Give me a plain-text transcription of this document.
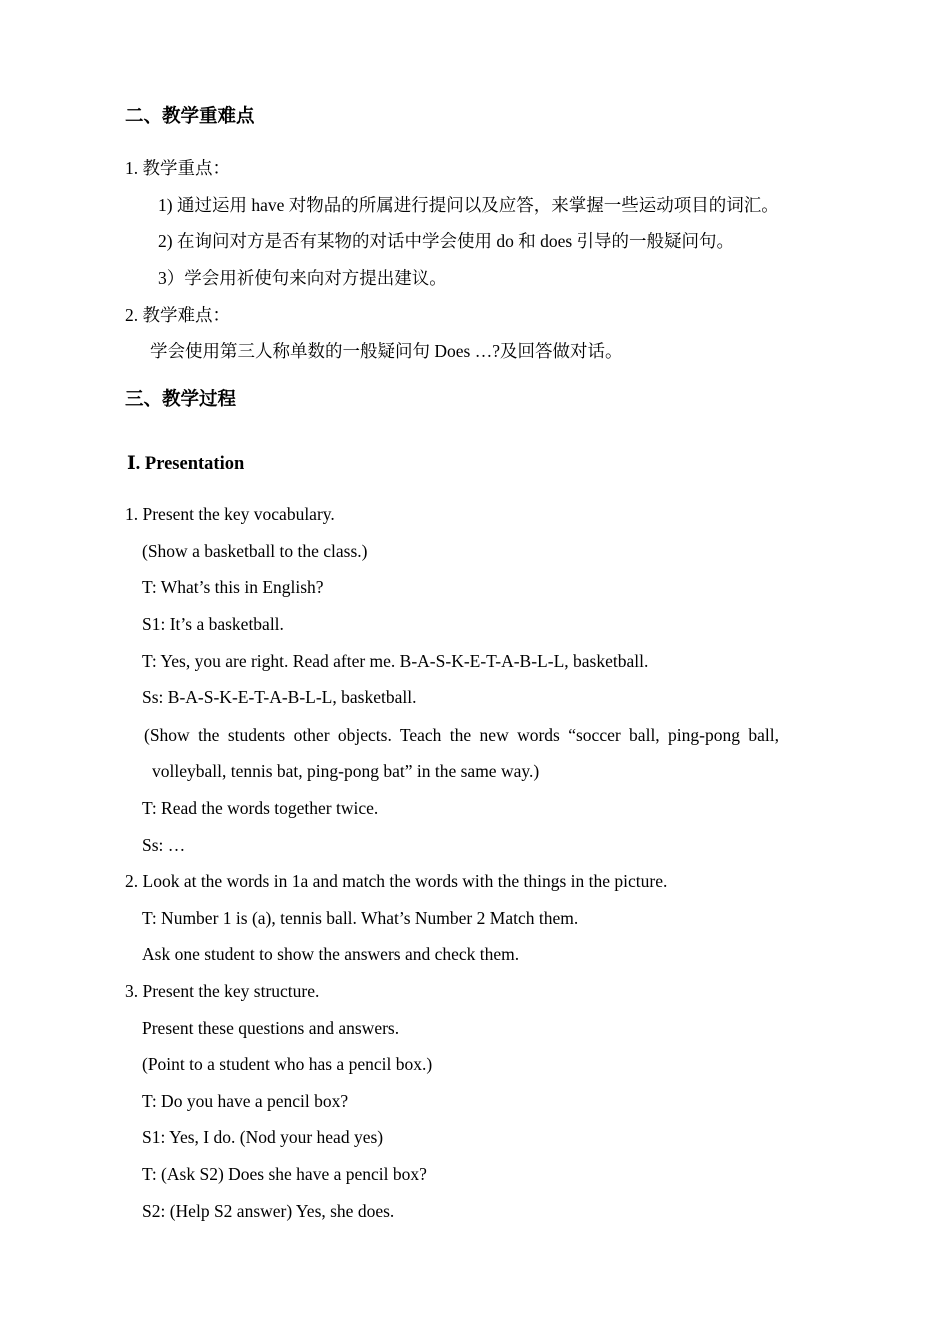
二、教学重难点
1. 教学重点：
1) 通过运用 have 对物品的所属进行提问以及应答，来掌握一些运动项目的词汇。
2) 在询问对方是否有某物的对话中学会使用 do 和 does 引导的一般疑问句。
3）学会用祈使句来向对方提出建议。
2. 教学难点：
学会使用第三人称单数的一般疑问句 Does …?及回答做对话。
三、教学过程
Ⅰ. Presentation
1. Present the key vocabulary.
(Show a basketball to the class.)
T: What’s this in English?
S1: It’s a basketball.
T: Yes, you are right. Read after me. B-A-S-K-E-T-A-B-L-L, basketball.
Ss: B-A-S-K-E-T-A-B-L-L, basketball.
(Show the students other objects. Teach the new words “soccer ball, ping-pong ball,
volleyball, tennis bat, ping-pong bat” in the same way.)
T: Read the words together twice.
Ss: …
2. Look at the words in 1a and match the words with the things in the picture.
T: Number 1 is (a), tennis ball. What’s Number 2 Match them.
Ask one student to show the answers and check them.
3. Present the key structure.
Present these questions and answers.
(Point to a student who has a pencil box.)
T: Do you have a pencil box?
S1: Yes, I do. (Nod your head yes)
T: (Ask S2) Does she have a pencil box?
S2: (Help S2 answer) Yes, she does.
